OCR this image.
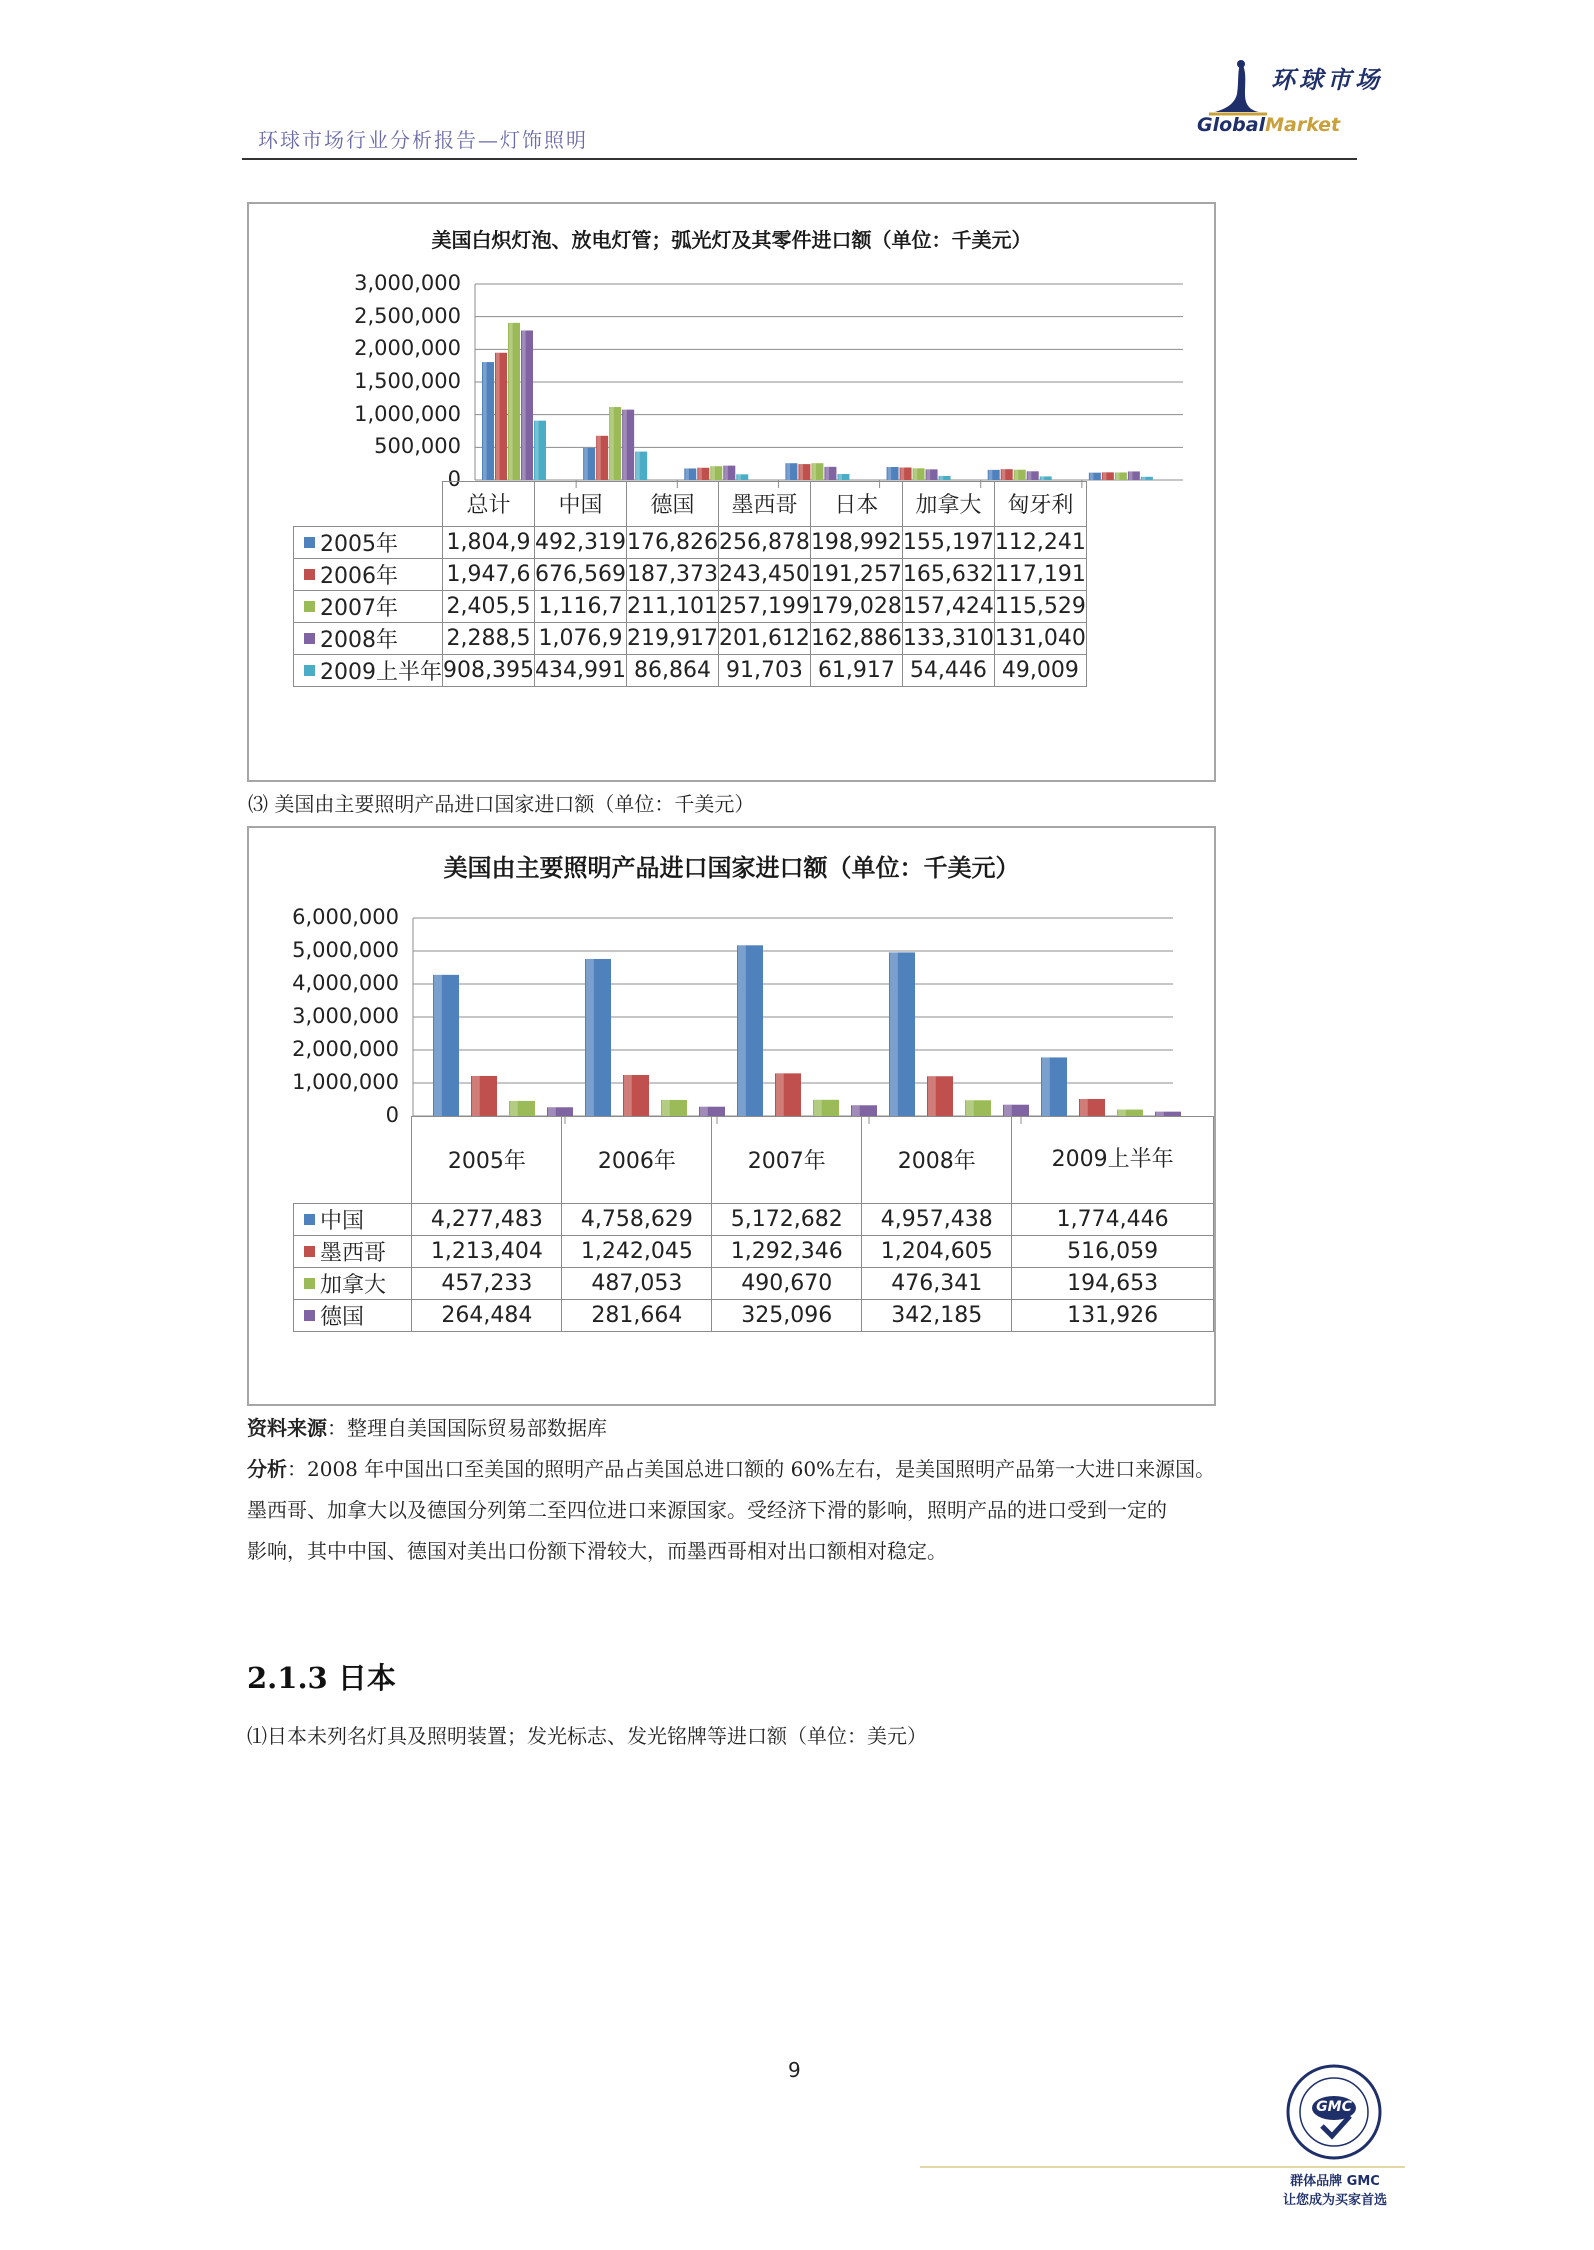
环球市场行业分析报告—灯饰照明
环球市场
GlobalMarket
美国白炽灯泡、放电灯管；弧光灯及其零件进口额（单位：千美元）
3,000,000
2,500,000
2,000,000
1,500,000
1,000,000
500,000
0
	总计	中国	德国	墨西哥	日本	加拿大	匈牙利
2005年	1,804,9	492,319	176,826	256,878	198,992	155,197	112,241
2006年	1,947,6	676,569	187,373	243,450	191,257	165,632	117,191
2007年	2,405,5	1,116,7	211,101	257,199	179,028	157,424	115,529
2008年	2,288,5	1,076,9	219,917	201,612	162,886	133,310	131,040
2009上半年	908,395	434,991	86,864	91,703	61,917	54,446	49,009
⑶ 美国由主要照明产品进口国家进口额（单位：千美元）
美国由主要照明产品进口国家进口额（单位：千美元）
6,000,000
5,000,000
4,000,000
3,000,000
2,000,000
1,000,000
0
	2005年	2006年	2007年	2008年	2009上半年
中国	4,277,483	4,758,629	5,172,682	4,957,438	1,774,446
墨西哥	1,213,404	1,242,045	1,292,346	1,204,605	516,059
加拿大	457,233	487,053	490,670	476,341	194,653
德国	264,484	281,664	325,096	342,185	131,926
资料来源：整理自美国国际贸易部数据库
分析：2008 年中国出口至美国的照明产品占美国总进口额的 60%左右，是美国照明产品第一大进口来源国。
墨西哥、加拿大以及德国分列第二至四位进口来源国家。受经济下滑的影响，照明产品的进口受到一定的
影响，其中中国、德国对美出口份额下滑较大，而墨西哥相对出口额相对稳定。
2.1.3 日本
⑴日本未列名灯具及照明装置；发光标志、发光铭牌等进口额（单位：美元）
9
GMC
群体品牌 GMC
让您成为买家首选
